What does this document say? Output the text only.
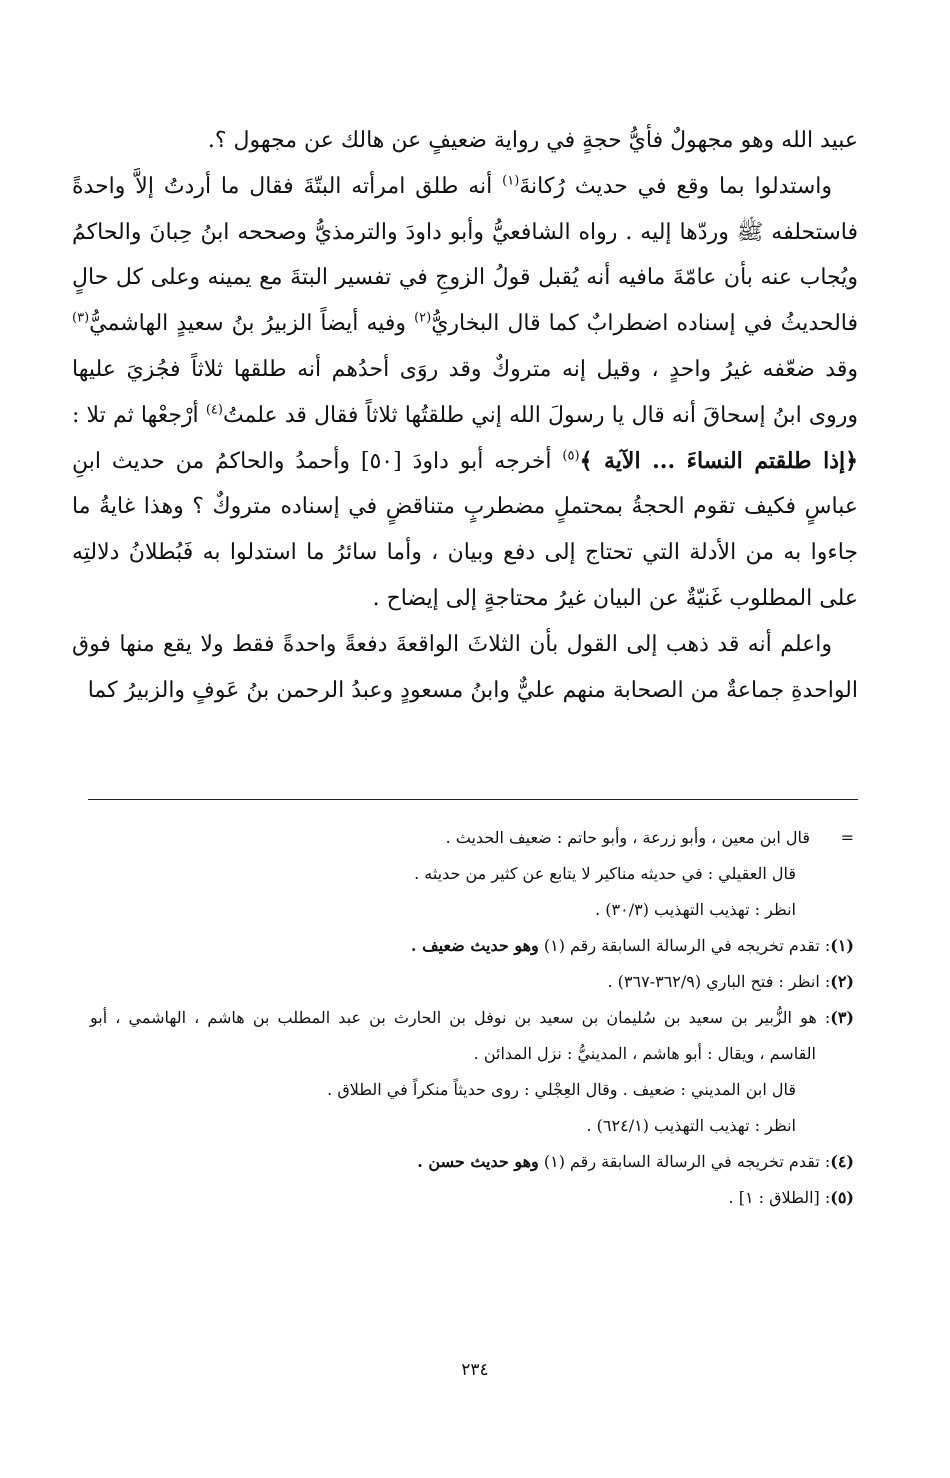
عبيد الله وهو مجهولٌ فأيُّ حجةٍ في رواية ضعيفٍ عن هالك عن مجهول ؟.

واستدلوا بما وقع في حديث رُكانةَ$^{(١)}$ أنه طلق امرأته البتّةَ فقال ما أردتُ إلاَّ واحدةً فاستحلفه ﷺ وردّها إليه . رواه الشافعيُّ وأبو داودَ والترمذيُّ وصححه ابنُ حِبانَ والحاكمُ ويُجاب عنه بأن عامّةَ مافيه أنه يُقبل قولُ الزوجِ في تفسير البتةَ مع يمينه وعلى كل حالٍ فالحديثُ في إسناده اضطرابٌ كما قال البخاريُّ$^{(٢)}$ وفيه أيضاً الزبيرُ بنُ سعيدٍ الهاشميُّ$^{(٣)}$ وقد ضعّفه غيرُ واحدٍ ، وقيل إنه متروكٌ وقد روَى أحدُهم أنه طلقها ثلاثاً فجُزيَ عليها وروى ابنُ إسحاقَ أنه قال يا رسولَ الله إني طلقتُها ثلاثاً فقال قد علمتُ$^{(٤)}$ أرْجعْها ثم تلا : ﴿إذا طلقتم النساءَ ... الآية ﴾$^{(٥)}$ أخرجه أبو داودَ [٥٠] وأحمدُ والحاكمُ من حديث ابنِ عباسٍ فكيف تقوم الحجةُ بمحتملٍ مضطربٍ متناقضٍ في إسناده متروكٌ ؟ وهذا غايةُ ما جاءوا به من الأدلة التي تحتاج إلى دفع وبيان ، وأما سائرُ ما استدلوا به فَبُطلانُ دلالتِه على المطلوب غَنيّةٌ عن البيان غيرُ محتاجةٍ إلى إيضاح .

واعلم أنه قد ذهب إلى القول بأن الثلاثَ الواقعةَ دفعةً واحدةً فقط ولا يقع منها فوق الواحدةِ جماعةٌ من الصحابة منهم عليٌّ وابنُ مسعودٍ وعبدُ الرحمن بنُ عَوفٍ والزبيرُ كما

=      قال ابن معين ، وأبو زرعة ، وأبو حاتم : ضعيف الحديث .

قال العقيلي : في حديثه مناكير لا يتابع عن كثير من حديثه .

انظر : تهذيب التهذيب (٣٠/٣) .

(١): تقدم تخريجه في الرسالة السابقة رقم (١) وهو حديث ضعيف .

(٢): انظر : فتح الباري (٣٦٢/٩-٣٦٧) .

(٣): هو الزُّبير بن سعيد بن سُليمان بن سعيد بن نوفل بن الحارث بن عبد المطلب بن هاشم ، الهاشمي ، أبو

القاسم ، ويقال : أبو هاشم ، المدينيُّ : نزل المدائن .

قال ابن المديني : ضعيف . وقال العِجْلي : روى حديثاً منكراً في الطلاق .

انظر : تهذيب التهذيب (٦٢٤/١) .

(٤): تقدم تخريجه في الرسالة السابقة رقم (١) وهو حديث حسن .

(٥): [الطلاق : ١] .

٢٣٤
